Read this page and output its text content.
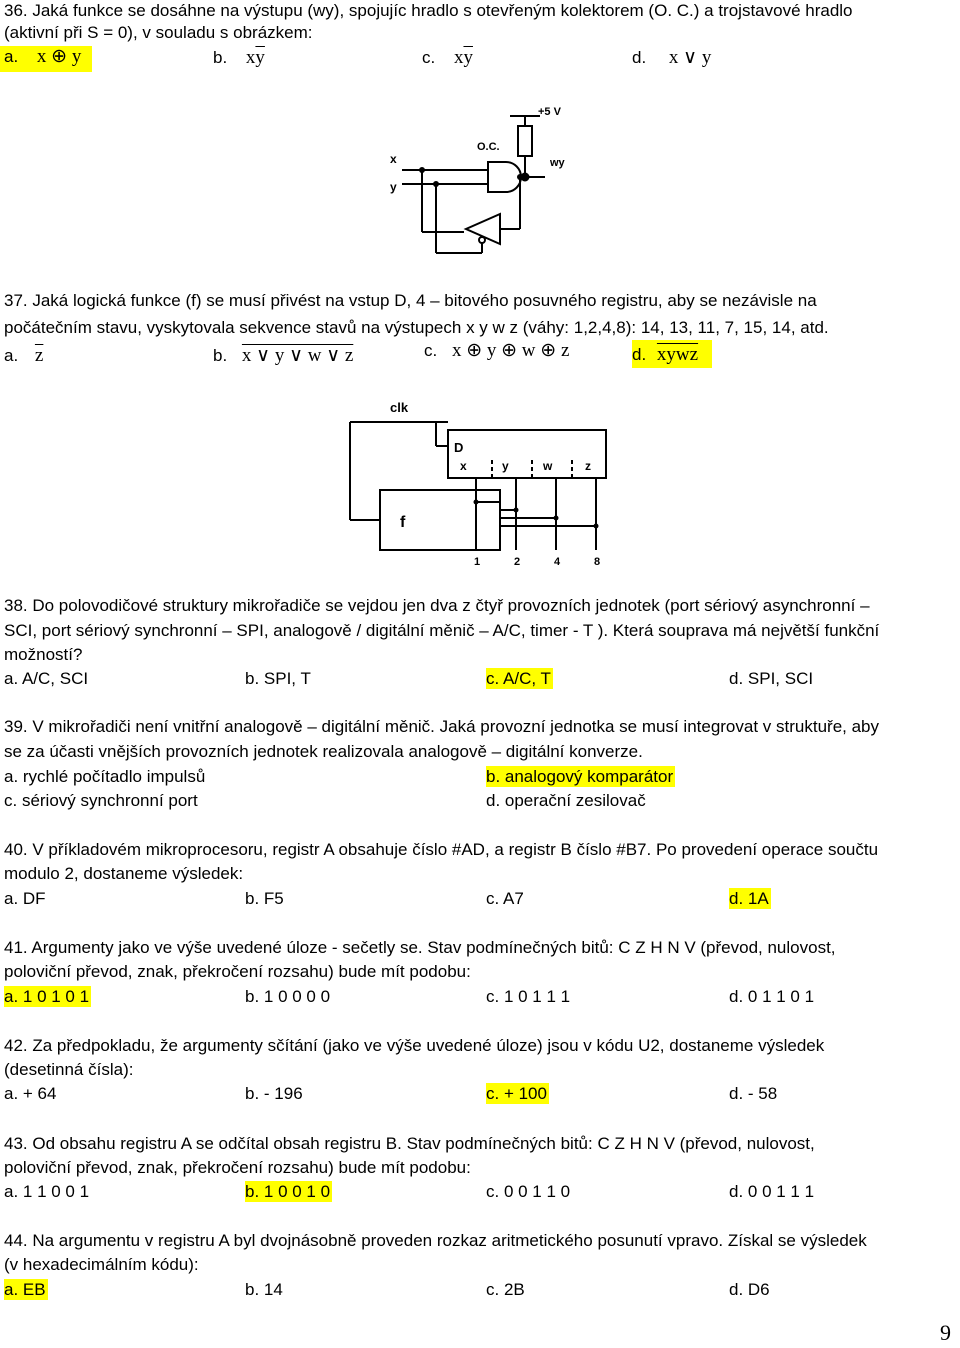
36. Jaká funkce se dosáhne na výstupu (wy), spojujíc hradlo s otevřeným kolektorem (O. C.) a trojstavové hradlo
(aktivní při S = 0), v souladu s obrázkem:
a. x ⊕ y	b. $x\overline{y}$	c. $x\overline{y}$	d. x ∨ y
+5 V
O.C.
x
y
wy
37. Jaká logická funkce (f) se musí přivést na vstup D, 4 – bitového posuvného registru, aby se nezávisle na
počátečním stavu, vyskytovala sekvence stavů na výstupech x y w z (váhy: 1,2,4,8): 14, 13, 11, 7, 15, 14, atd.
a. $\overline{z}$	b. x ∨ y ∨ w ∨ z	c. x ⊕ y ⊕ w ⊕ z	d. xywz
clk
D
x	y	w	z
f
1	2	4	8
38. Do polovodičové struktury mikrořadiče se vejdou jen dva z čtyř provozních jednotek (port sériový asynchronní –
SCI, port sériový synchronní – SPI, analogově / digitální měnič – A/C, timer - T ). Která souprava má největší funkční
možností?
a. A/C, SCI	b. SPI, T	c. A/C, T	d. SPI, SCI
39. V mikrořadiči není vnitřní analogově – digitální měnič. Jaká provozní jednotka se musí integrovat v struktuře, aby
se za účasti vnějších provozních jednotek realizovala analogově – digitální konverze.
a. rychlé počítadlo impulsů	b. analogový komparátor
c. sériový synchronní port	d. operační zesilovač
40. V příkladovém mikroprocesoru, registr A obsahuje číslo #AD, a registr B číslo #B7. Po provedení operace součtu
modulo 2, dostaneme výsledek:
a. DF	b. F5	c. A7	d. 1A
41. Argumenty jako ve výše uvedené úloze - sečetly se. Stav podmínečných bitů: C Z H N V (převod, nulovost,
poloviční převod, znak, překročení rozsahu) bude mít podobu:
a. 1 0 1 0 1	b. 1 0 0 0 0	c. 1 0 1 1 1	d. 0 1 1 0 1
42. Za předpokladu, že argumenty sčítání (jako ve výše uvedené úloze) jsou v kódu U2, dostaneme výsledek
(desetinná čísla):
a. + 64	b. - 196	c. + 100	d. - 58
43. Od obsahu registru A se odčítal obsah registru B. Stav podmínečných bitů: C Z H N V (převod, nulovost,
poloviční převod, znak, překročení rozsahu) bude mít podobu:
a. 1 1 0 0 1	b. 1 0 0 1 0	c. 0 0 1 1 0	d. 0 0 1 1 1
44. Na argumentu v registru A byl dvojnásobně proveden rozkaz aritmetického posunutí vpravo. Získal se výsledek
(v hexadecimálním kódu):
a. EB	b. 14	c. 2B	d. D6
9
